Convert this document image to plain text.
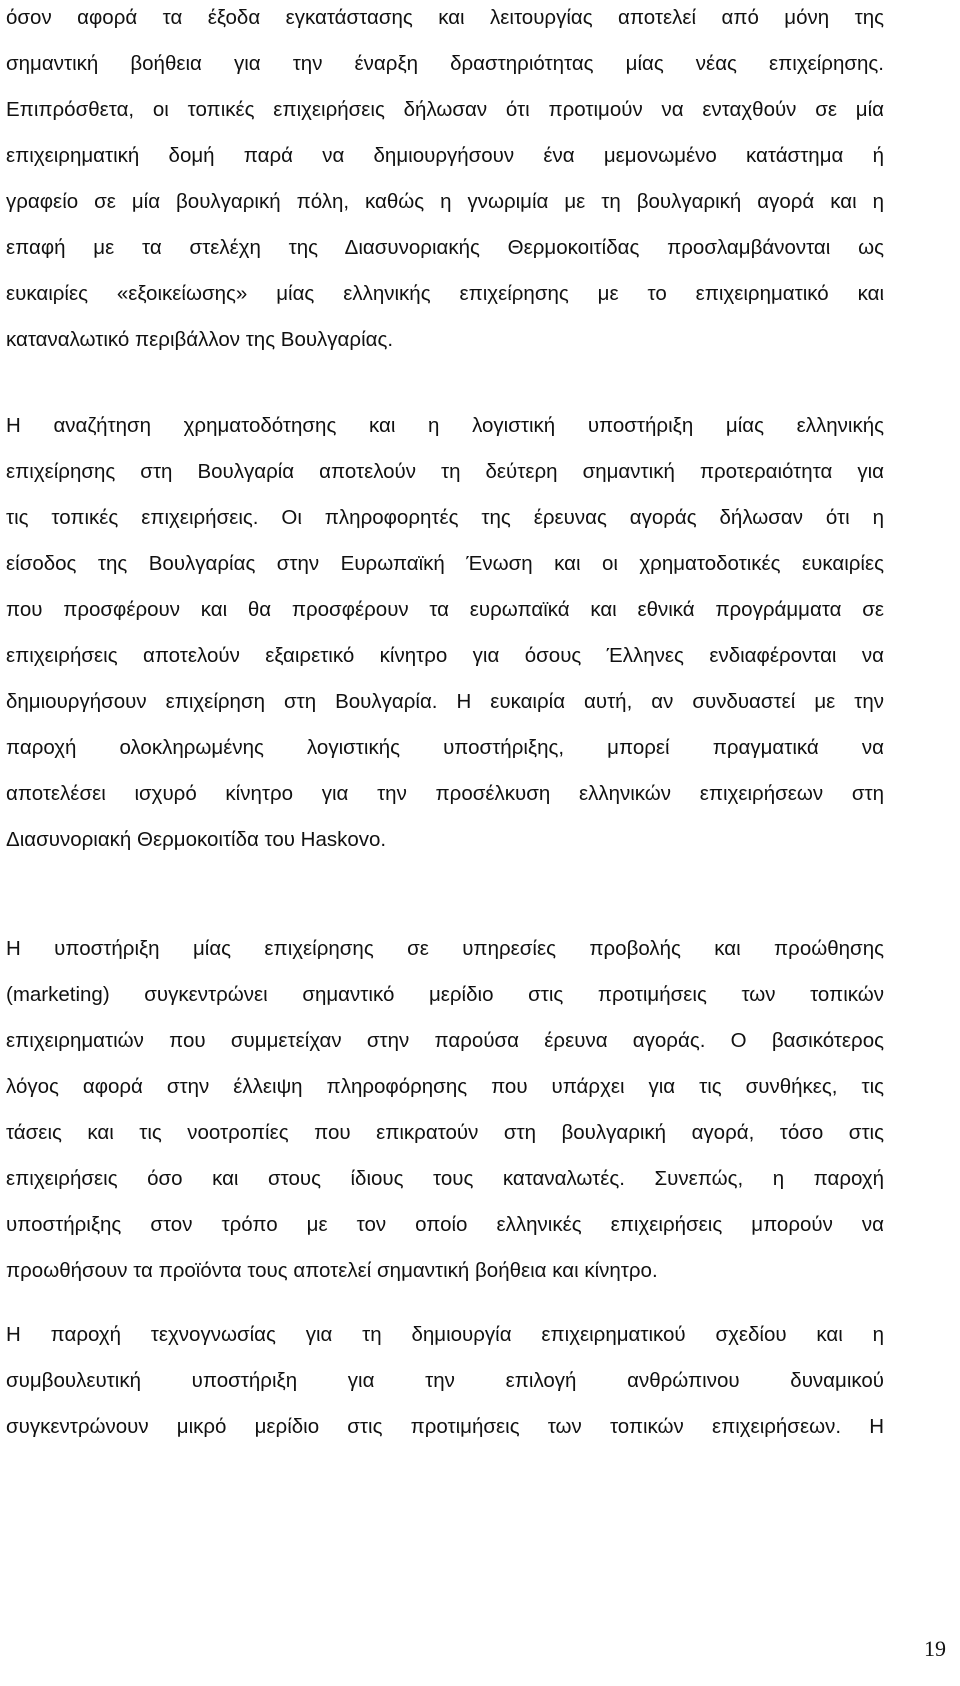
όσον αφορά τα έξοδα εγκατάστασης και λειτουργίας αποτελεί από μόνη της
σημαντική βοήθεια για την έναρξη δραστηριότητας μίας νέας επιχείρησης.
Επιπρόσθετα, οι τοπικές επιχειρήσεις δήλωσαν ότι προτιμούν να ενταχθούν σε μία
επιχειρηματική δομή παρά να δημιουργήσουν ένα μεμονωμένο κατάστημα ή
γραφείο σε μία βουλγαρική πόλη, καθώς η γνωριμία με τη βουλγαρική αγορά και η
επαφή με τα στελέχη της Διασυνοριακής Θερμοκοιτίδας προσλαμβάνονται ως
ευκαιρίες «εξοικείωσης» μίας ελληνικής επιχείρησης με το επιχειρηματικό και
καταναλωτικό περιβάλλον της Βουλγαρίας.
Η αναζήτηση χρηματοδότησης και η λογιστική υποστήριξη μίας ελληνικής
επιχείρησης στη Βουλγαρία αποτελούν τη δεύτερη σημαντική προτεραιότητα για
τις τοπικές επιχειρήσεις. Οι πληροφορητές της έρευνας αγοράς δήλωσαν ότι η
είσοδος της Βουλγαρίας στην Ευρωπαϊκή Ένωση και οι χρηματοδοτικές ευκαιρίες
που προσφέρουν και θα προσφέρουν τα ευρωπαϊκά και εθνικά προγράμματα σε
επιχειρήσεις αποτελούν εξαιρετικό κίνητρο για όσους Έλληνες ενδιαφέρονται να
δημιουργήσουν επιχείρηση στη Βουλγαρία. Η ευκαιρία αυτή, αν συνδυαστεί με την
παροχή ολοκληρωμένης λογιστικής υποστήριξης, μπορεί πραγματικά να
αποτελέσει ισχυρό κίνητρο για την προσέλκυση ελληνικών επιχειρήσεων στη
Διασυνοριακή Θερμοκοιτίδα του Haskovo.
Η υποστήριξη μίας επιχείρησης σε υπηρεσίες προβολής και προώθησης
(marketing) συγκεντρώνει σημαντικό μερίδιο στις προτιμήσεις των τοπικών
επιχειρηματιών που συμμετείχαν στην παρούσα έρευνα αγοράς. Ο βασικότερος
λόγος αφορά στην έλλειψη πληροφόρησης που υπάρχει για τις συνθήκες, τις
τάσεις και τις νοοτροπίες που επικρατούν στη βουλγαρική αγορά, τόσο στις
επιχειρήσεις όσο και στους ίδιους τους καταναλωτές. Συνεπώς, η παροχή
υποστήριξης στον τρόπο με τον οποίο ελληνικές επιχειρήσεις μπορούν να
προωθήσουν τα προϊόντα τους αποτελεί σημαντική βοήθεια και κίνητρο.
Η παροχή τεχνογνωσίας για τη δημιουργία επιχειρηματικού σχεδίου και η
συμβουλευτική υποστήριξη για την επιλογή ανθρώπινου δυναμικού
συγκεντρώνουν μικρό μερίδιο στις προτιμήσεις των τοπικών επιχειρήσεων. Η
19
